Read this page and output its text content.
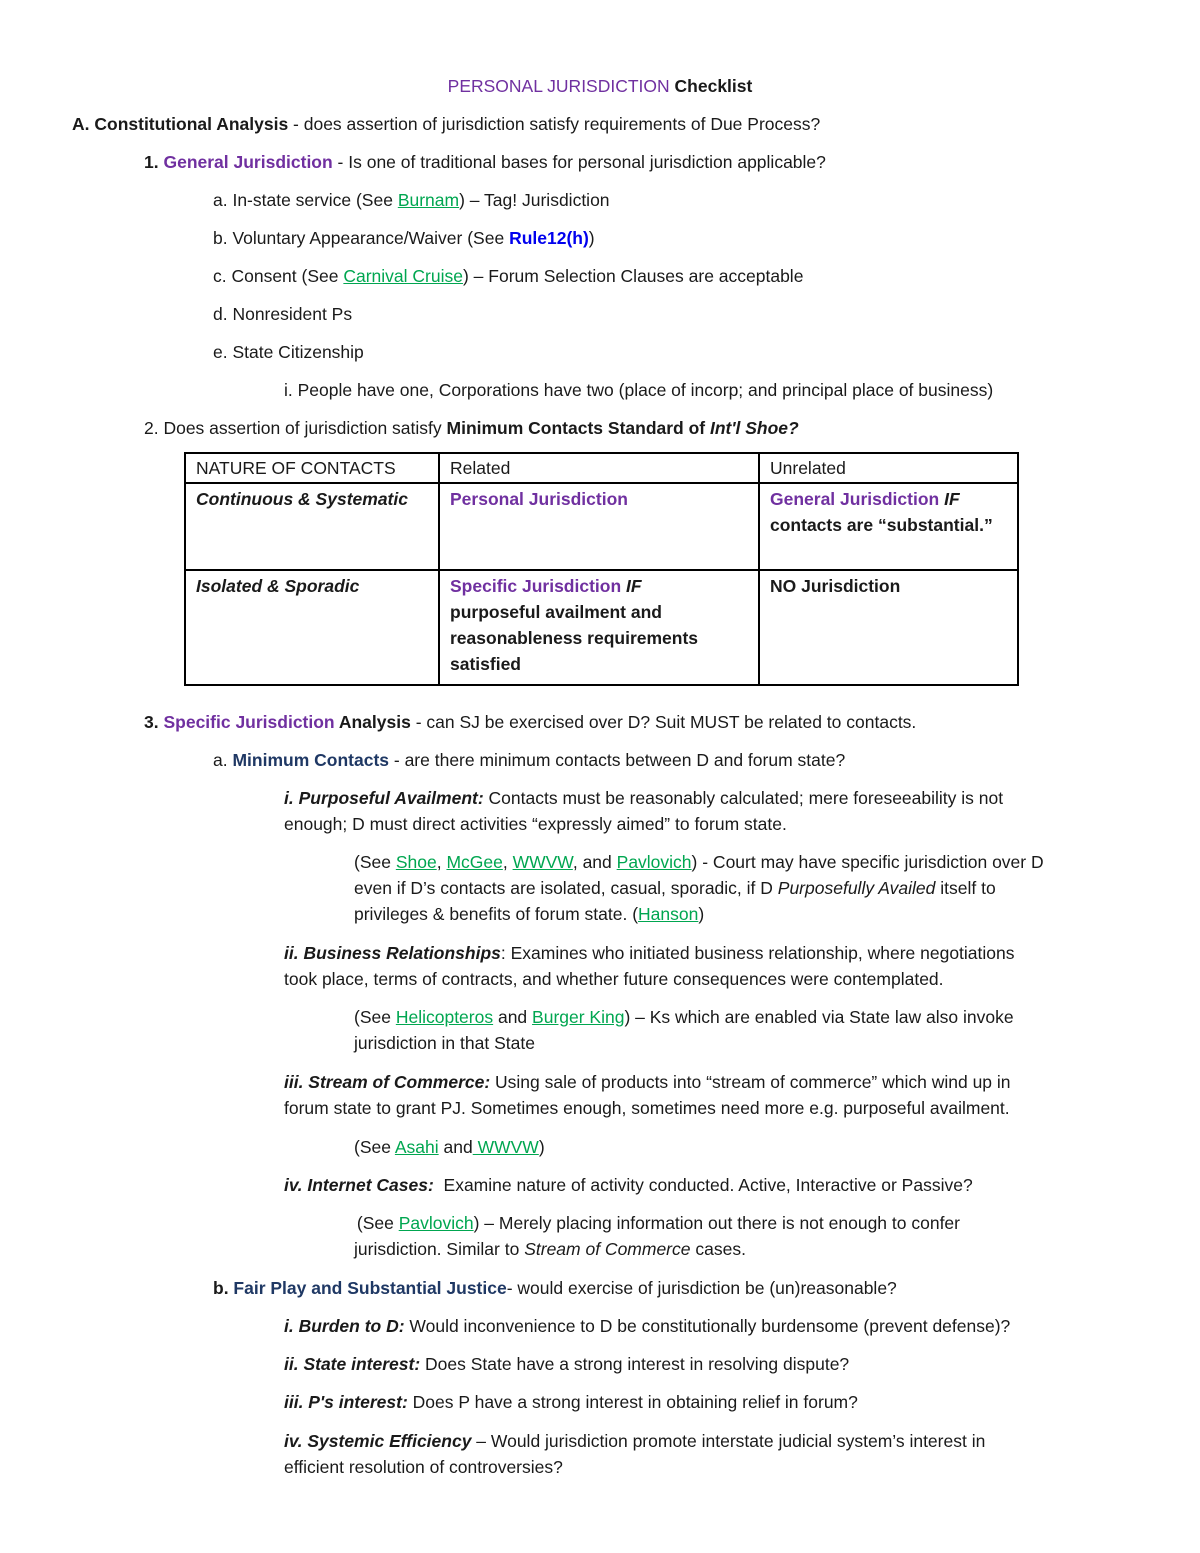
PERSONAL JURISDICTION Checklist
A. Constitutional Analysis - does assertion of jurisdiction satisfy requirements of Due Process?
1. General Jurisdiction - Is one of traditional bases for personal jurisdiction applicable?
a. In-state service (See Burnam) – Tag! Jurisdiction
b. Voluntary Appearance/Waiver (See Rule12(h))
c. Consent (See Carnival Cruise) – Forum Selection Clauses are acceptable
d. Nonresident Ps
e. State Citizenship
i. People have one, Corporations have two (place of incorp; and principal place of business)
2. Does assertion of jurisdiction satisfy Minimum Contacts Standard of Int'l Shoe?
NATURE OF CONTACTS	Related	Unrelated
Continuous & Systematic	Personal Jurisdiction	General Jurisdiction IF
contacts are “substantial.”
Isolated & Sporadic	Specific Jurisdiction IF
purposeful availment and reasonableness requirements satisfied	NO Jurisdiction
3. Specific Jurisdiction Analysis - can SJ be exercised over D? Suit MUST be related to contacts.
a. Minimum Contacts - are there minimum contacts between D and forum state?
i. Purposeful Availment: Contacts must be reasonably calculated; mere foreseeability is not
enough; D must direct activities “expressly aimed” to forum state.
(See Shoe, McGee, WWVW, and Pavlovich) - Court may have specific jurisdiction over D
even if D’s contacts are isolated, casual, sporadic, if D Purposefully Availed itself to
privileges & benefits of forum state. (Hanson)
ii. Business Relationships: Examines who initiated business relationship, where negotiations
took place, terms of contracts, and whether future consequences were contemplated.
(See Helicopteros and Burger King) – Ks which are enabled via State law also invoke
jurisdiction in that State
iii. Stream of Commerce: Using sale of products into “stream of commerce” which wind up in
forum state to grant PJ. Sometimes enough, sometimes need more e.g. purposeful availment.
(See Asahi and WWVW)
iv. Internet Cases:  Examine nature of activity conducted. Active, Interactive or Passive?
(See Pavlovich) – Merely placing information out there is not enough to confer
jurisdiction. Similar to Stream of Commerce cases.
b. Fair Play and Substantial Justice- would exercise of jurisdiction be (un)reasonable?
i. Burden to D: Would inconvenience to D be constitutionally burdensome (prevent defense)?
ii. State interest: Does State have a strong interest in resolving dispute?
iii. P's interest: Does P have a strong interest in obtaining relief in forum?
iv. Systemic Efficiency – Would jurisdiction promote interstate judicial system’s interest in
efficient resolution of controversies?
